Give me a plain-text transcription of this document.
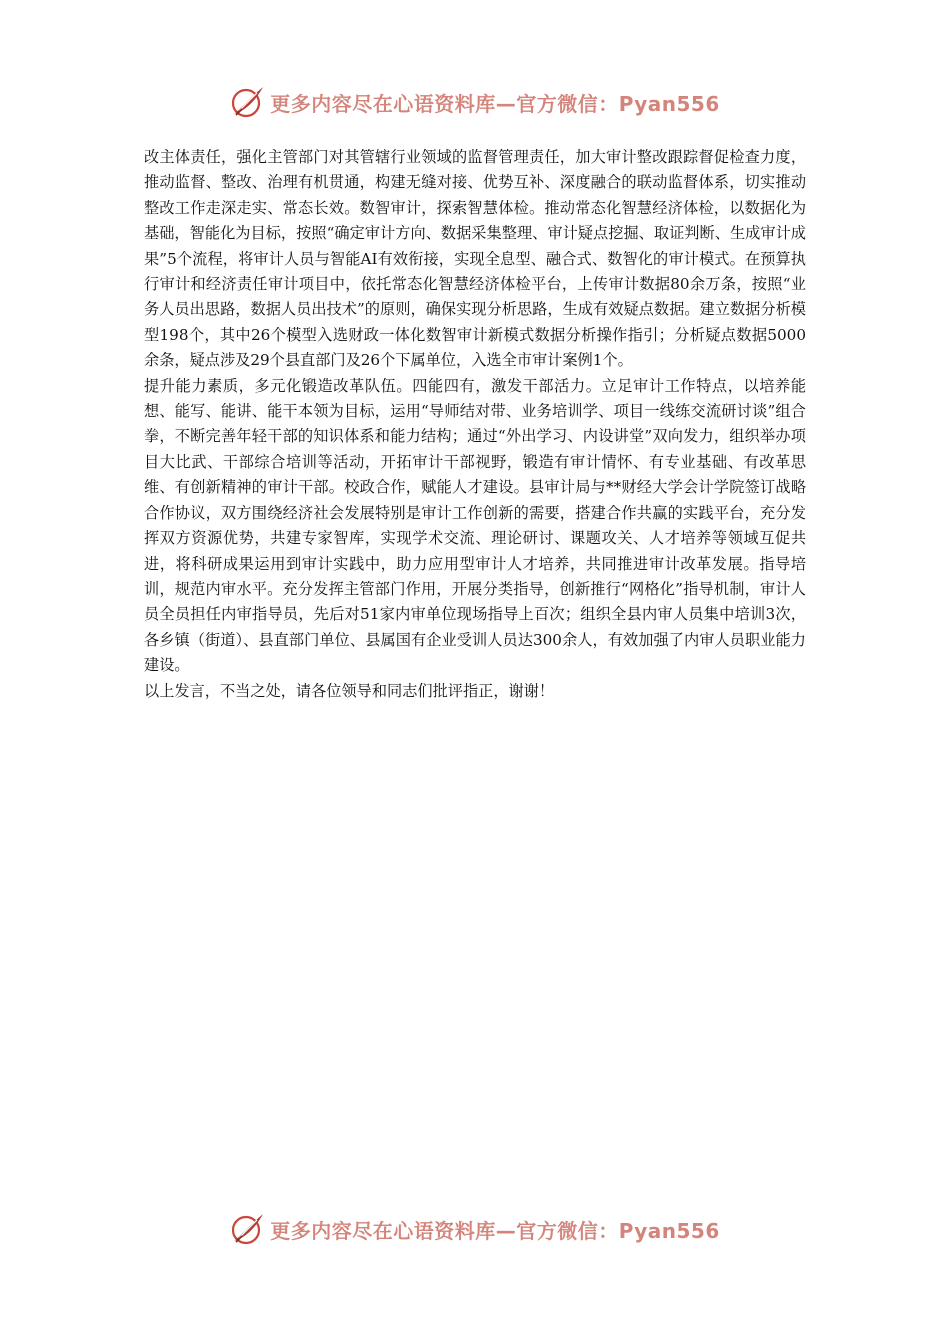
更多内容尽在心语资料库—官方微信：Pyan556

改主体责任，强化主管部门对其管辖行业领域的监督管理责任，加大审计整改跟踪督促检查力度，推动监督、整改、治理有机贯通，构建无缝对接、优势互补、深度融合的联动监督体系，切实推动整改工作走深走实、常态长效。数智审计，探索智慧体检。推动常态化智慧经济体检，以数据化为基础，智能化为目标，按照“确定审计方向、数据采集整理、审计疑点挖掘、取证判断、生成审计成果”5个流程，将审计人员与智能AI有效衔接，实现全息型、融合式、数智化的审计模式。在预算执行审计和经济责任审计项目中，依托常态化智慧经济体检平台，上传审计数据80余万条，按照“业务人员出思路，数据人员出技术”的原则，确保实现分析思路，生成有效疑点数据。建立数据分析模型198个，其中26个模型入选财政一体化数智审计新模式数据分析操作指引；分析疑点数据5000余条，疑点涉及29个县直部门及26个下属单位，入选全市审计案例1个。

提升能力素质，多元化锻造改革队伍。四能四有，激发干部活力。立足审计工作特点，以培养能想、能写、能讲、能干本领为目标，运用“导师结对带、业务培训学、项目一线练交流研讨谈”组合拳，不断完善年轻干部的知识体系和能力结构；通过“外出学习、内设讲堂”双向发力，组织举办项目大比武、干部综合培训等活动，开拓审计干部视野，锻造有审计情怀、有专业基础、有改革思维、有创新精神的审计干部。校政合作，赋能人才建设。县审计局与**财经大学会计学院签订战略合作协议，双方围绕经济社会发展特别是审计工作创新的需要，搭建合作共赢的实践平台，充分发挥双方资源优势，共建专家智库，实现学术交流、理论研讨、课题攻关、人才培养等领域互促共进，将科研成果运用到审计实践中，助力应用型审计人才培养，共同推进审计改革发展。指导培训，规范内审水平。充分发挥主管部门作用，开展分类指导，创新推行“网格化”指导机制，审计人员全员担任内审指导员，先后对51家内审单位现场指导上百次；组织全县内审人员集中培训3次，各乡镇（街道）、县直部门单位、县属国有企业受训人员达300余人，有效加强了内审人员职业能力建设。

以上发言，不当之处，请各位领导和同志们批评指正，谢谢！

更多内容尽在心语资料库—官方微信：Pyan556
